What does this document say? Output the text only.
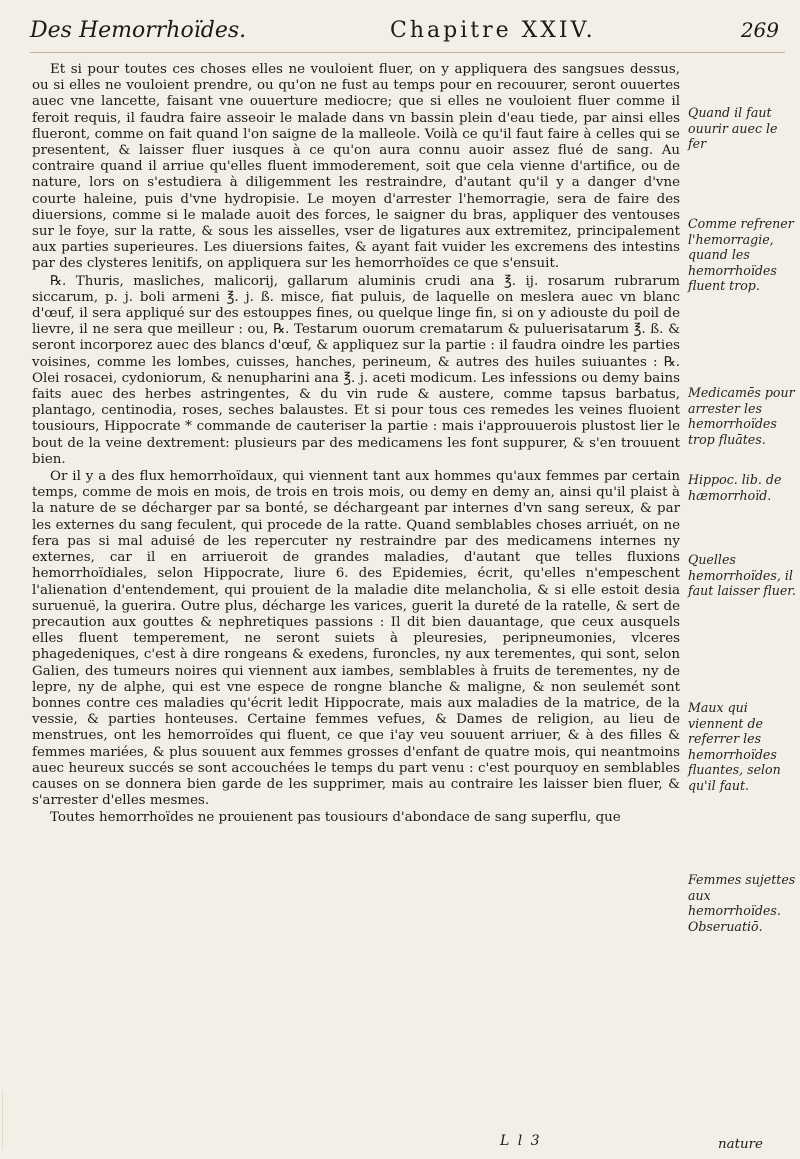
Des Hemorrhoïdes.	Chapitre XXIV.	269

Et si pour toutes ces choses elles ne vouloient fluer, on y appliquera des sangsues dessus, ou si elles ne vouloient prendre, ou qu'on ne fust au temps pour en recouurer, seront ouuertes auec vne lancette, faisant vne ouuerture mediocre; que si elles ne vouloient fluer comme il feroit requis, il faudra faire asseoir le malade dans vn bassin plein d'eau tiede, par ainsi elles flueront, comme on fait quand l'on saigne de la malleole. Voilà ce qu'il faut faire à celles qui se presentent, & laisser fluer iusques à ce qu'on aura connu auoir assez flué de sang. Au contraire quand il arriue qu'elles fluent immoderement, soit que cela vienne d'artifice, ou de nature, lors on s'estudiera à diligemment les restraindre, d'autant qu'il y a danger d'vne courte haleine, puis d'vne hydropisie. Le moyen d'arrester l'hemorragie, sera de faire des diuersions, comme si le malade auoit des forces, le saigner du bras, appliquer des ventouses sur le foye, sur la ratte, & sous les aisselles, vser de ligatures aux extremitez, principalement aux parties superieures. Les diuersions faites, & ayant fait vuider les excremens des intestins par des clysteres lenitifs, on appliquera sur les hemorrhoïdes ce que s'ensuit.

℞. Thuris, masliches, malicorij, gallarum aluminis crudi ana ℥. ij. rosarum rubrarum siccarum, p. j. boli armeni ℥. j. ß. misce, fiat puluis, de laquelle on meslera auec vn blanc d'œuf, il sera appliqué sur des estouppes fines, ou quelque linge fin, si on y adiouste du poil de lievre, il ne sera que meilleur : ou, ℞. Testarum ouorum crematarum & puluerisatarum ℥. ß. & seront incorporez auec des blancs d'œuf, & appliquez sur la partie : il faudra oindre les parties voisines, comme les lombes, cuisses, hanches, perineum, & autres des huiles suiuantes : ℞. Olei rosacei, cydoniorum, & nenupharini ana ℥. j. aceti modicum. Les infessions ou demy bains faits auec des herbes astringentes, & du vin rude & austere, comme tapsus barbatus, plantago, centinodia, roses, seches balaustes. Et si pour tous ces remedes les veines fluoient tousiours, Hippocrate * commande de cauteriser la partie : mais i'approuuerois plustost lier le bout de la veine dextrement: plusieurs par des medicamens les font suppurer, & s'en trouuent bien.

Or il y a des flux hemorrhoïdaux, qui viennent tant aux hommes qu'aux femmes par certain temps, comme de mois en mois, de trois en trois mois, ou demy en demy an, ainsi qu'il plaist à la nature de se décharger par sa bonté, se déchargeant par internes d'vn sang sereux, & par les externes du sang feculent, qui procede de la ratte. Quand semblables choses arriuét, on ne fera pas si mal aduisé de les repercuter ny restraindre par des medicamens internes ny externes, car il en arriueroit de grandes maladies, d'autant que telles fluxions hemorrhoïdiales, selon Hippocrate, liure 6. des Epidemies, écrit, qu'elles n'empeschent l'alienation d'entendement, qui prouient de la maladie dite melancholia, & si elle estoit desia suruenuë, la guerira. Outre plus, décharge les varices, guerit la dureté de la ratelle, & sert de precaution aux gouttes & nephretiques passions : Il dit bien dauantage, que ceux ausquels elles fluent temperement, ne seront suiets à pleuresies, peripneumonies, vlceres phagedeniques, c'est à dire rongeans & exedens, furoncles, ny aux terementes, qui sont, selon Galien, des tumeurs noires qui viennent aux iambes, semblables à fruits de terementes, ny de lepre, ny de alphe, qui est vne espece de rongne blanche & maligne, & non seulemét sont bonnes contre ces maladies qu'écrit ledit Hippocrate, mais aux maladies de la matrice, de la vessie, & parties honteuses. Certaine femmes vefues, & Dames de religion, au lieu de menstrues, ont les hemorroïdes qui fluent, ce que i'ay veu souuent arriuer, & à des filles & femmes mariées, & plus souuent aux femmes grosses d'enfant de quatre mois, qui neantmoins auec heureux succés se sont accouchées le temps du part venu : c'est pourquoy en semblables causes on se donnera bien garde de les supprimer, mais au contraire les laisser bien fluer, & s'arrester d'elles mesmes.

Toutes hemorrhoïdes ne prouienent pas tousiours d'abondace de sang superflu, que

Quand il faut ouurir auec le fer
Comme refrener l'hemorragie, quand les hemorrhoïdes fluent trop.
Medicamēs pour arrester les hemorrhoïdes trop fluātes.
Hippoc. lib. de hæmorrhoïd.
Quelles hemorrhoïdes, il faut laisser fluer.
Maux qui viennent de referrer les hemorrhoïdes fluantes, selon qu'il faut.
Femmes sujettes aux hemorrhoïdes. Obseruatiō.
L l 3	nature
